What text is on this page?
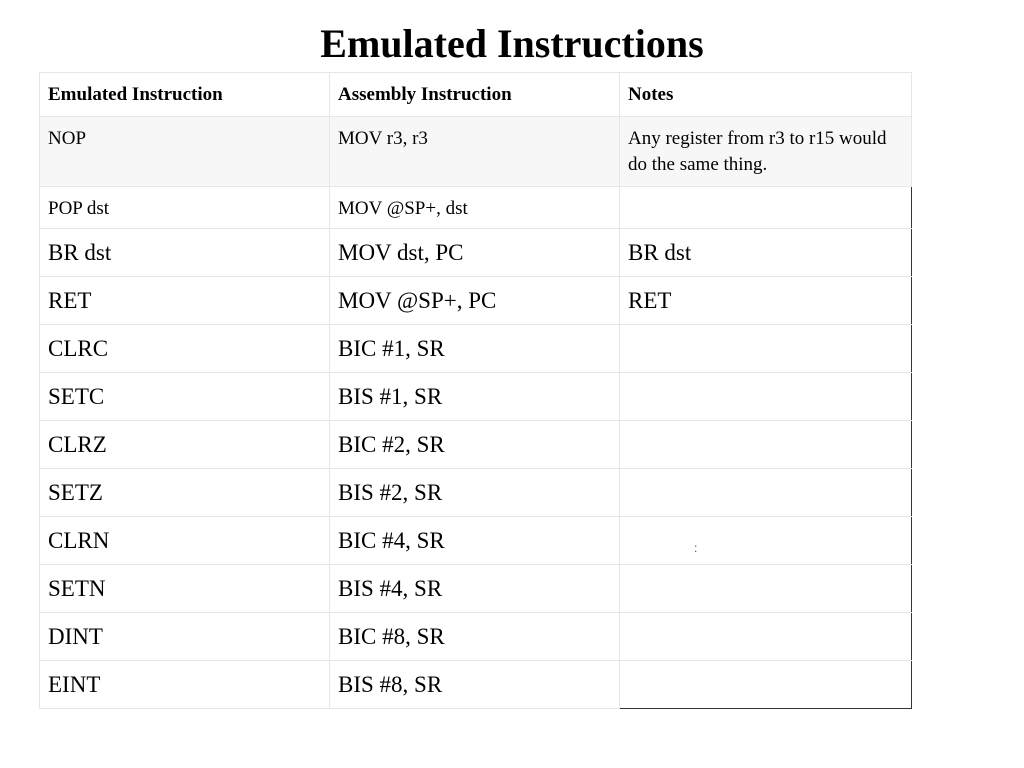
Emulated Instructions
Emulated Instruction	Assembly Instruction	Notes
NOP	MOV r3, r3	Any register from r3 to r15 would do the same thing.
POP dst	MOV @SP+, dst	
BR dst	MOV dst, PC	BR dst
RET	MOV @SP+, PC	RET
CLRC	BIC #1, SR	
SETC	BIS #1, SR	
CLRZ	BIC #2, SR	
SETZ	BIS #2, SR	
CLRN	BIC #4, SR	
SETN	BIS #4, SR	
DINT	BIC #8, SR	
EINT	BIS #8, SR	
:
